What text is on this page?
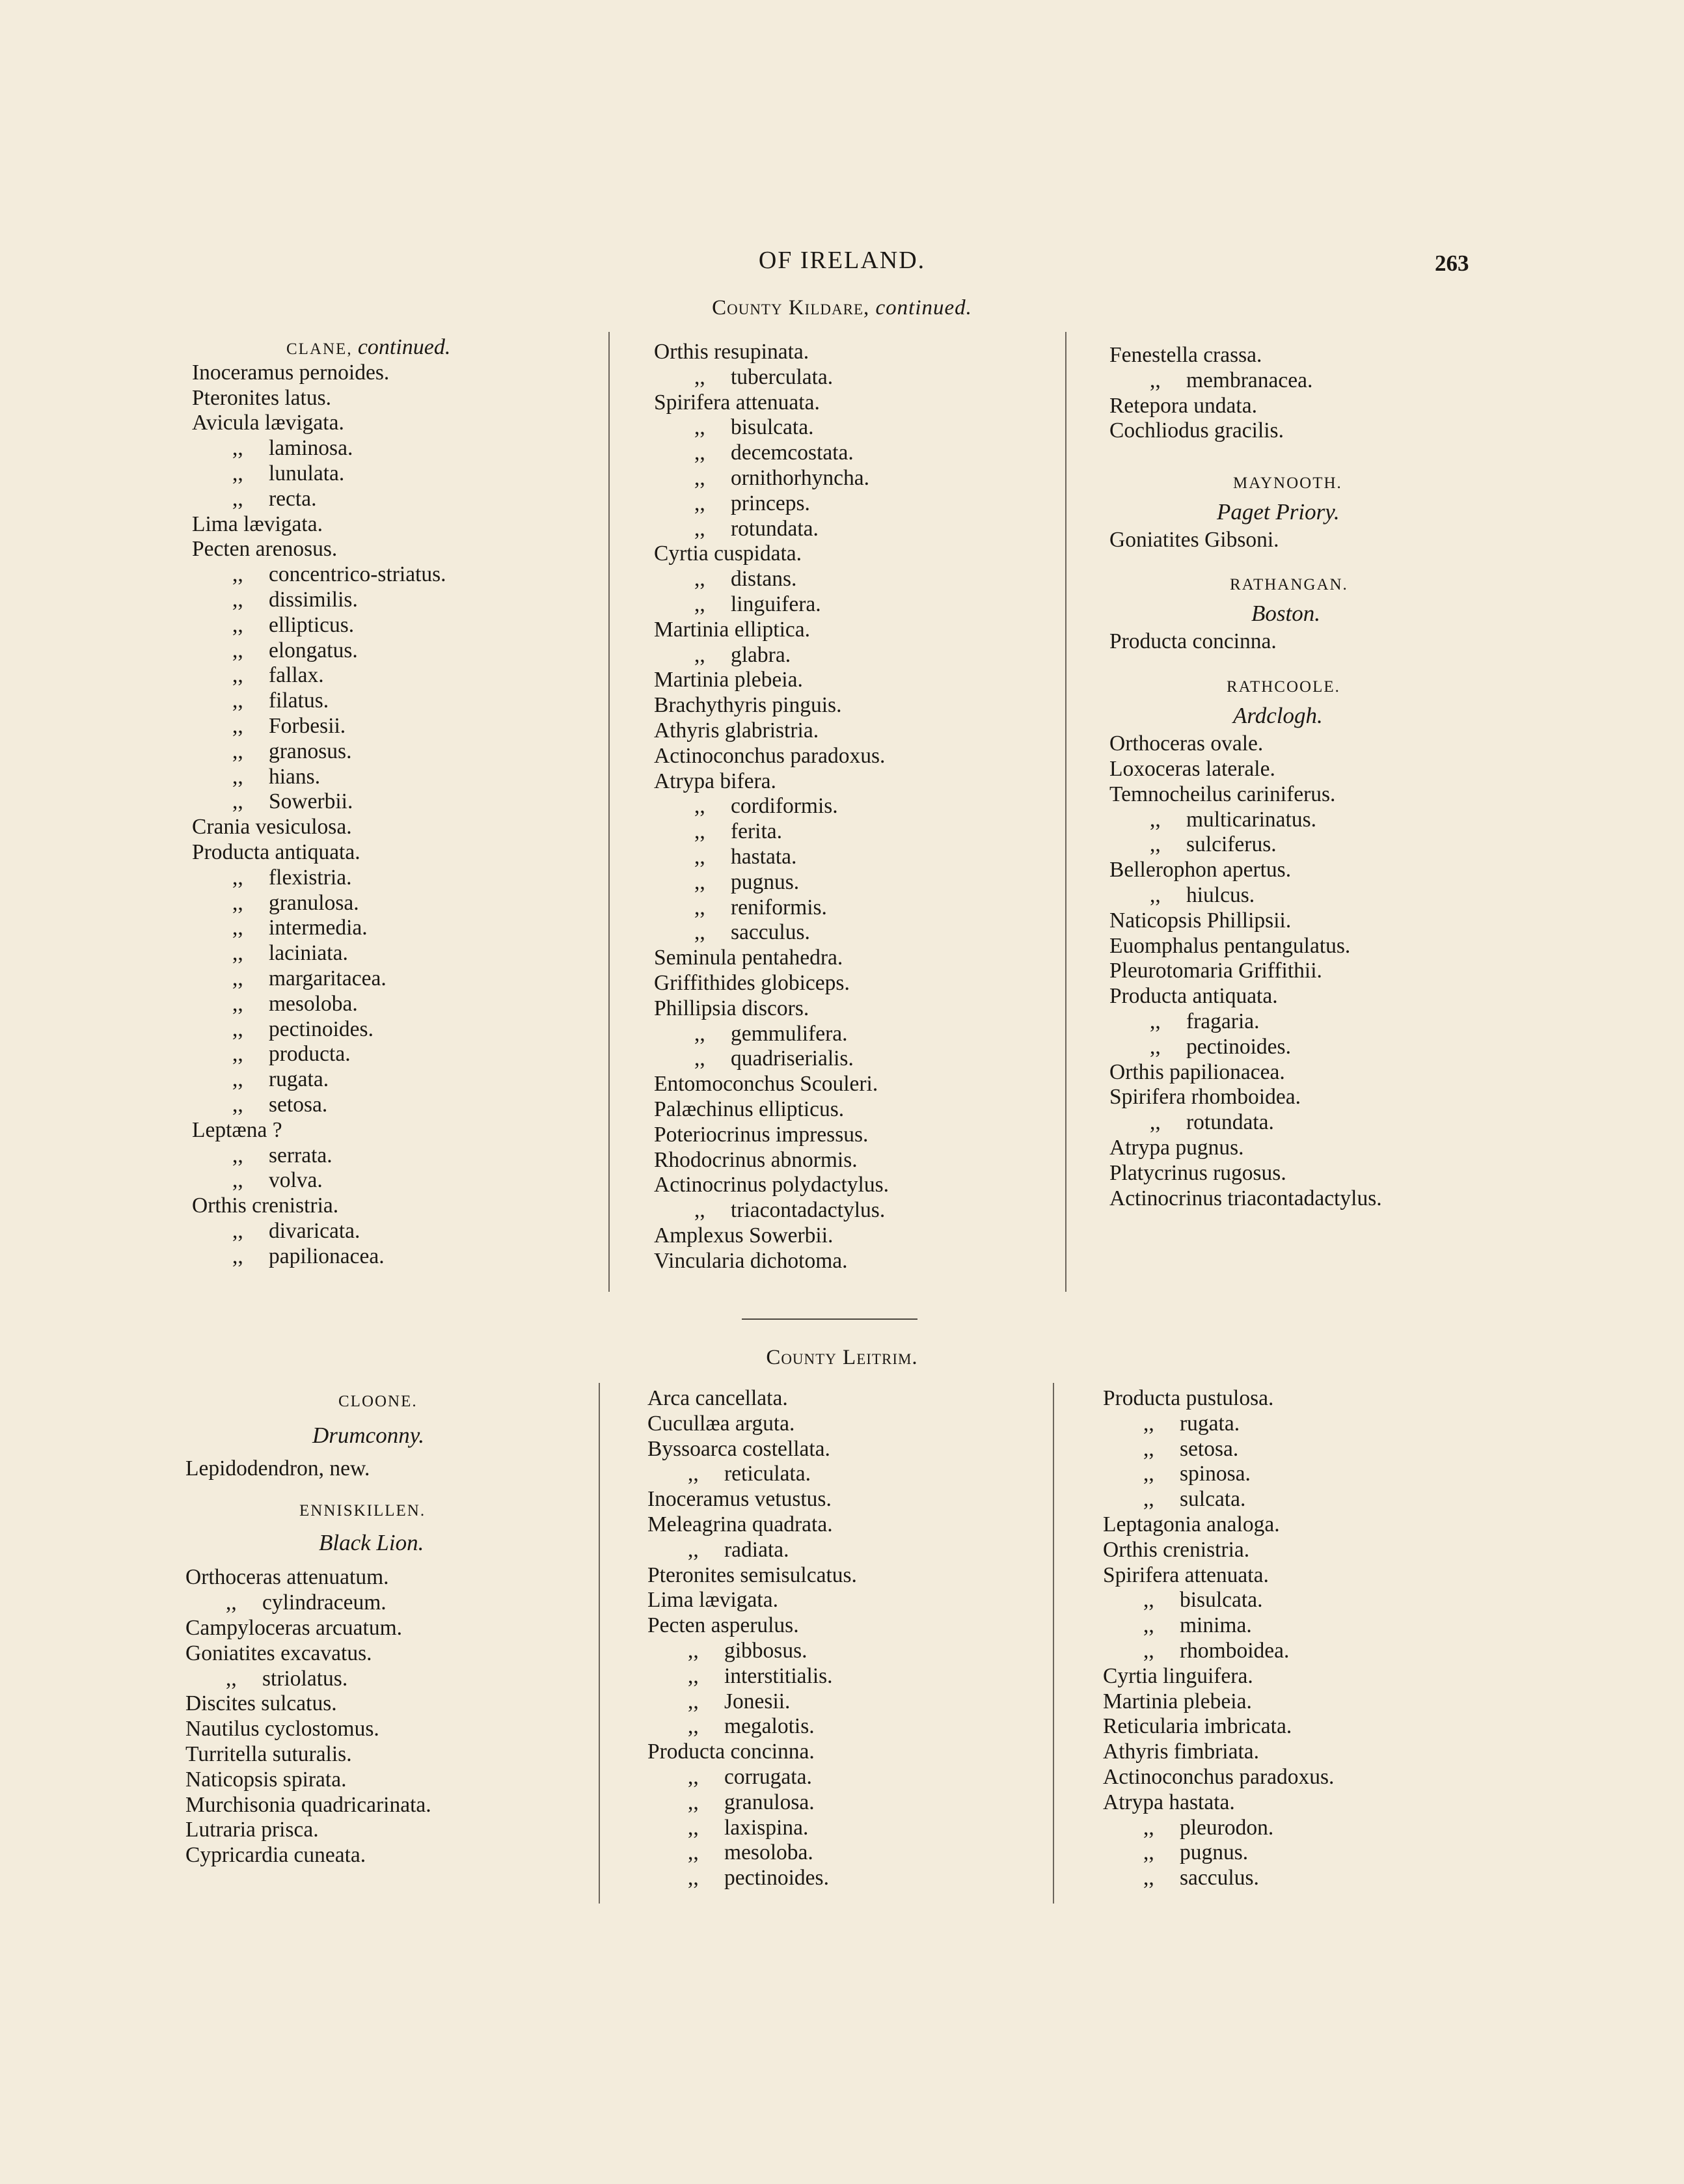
OF IRELAND.	263
County Kildare, continued.
CLANE, continued.
Inoceramus pernoides.
Pteronites latus.
Avicula lævigata.
,, laminosa.
,, lunulata.
,, recta.
Lima lævigata.
Pecten arenosus.
,, concentrico-striatus.
,, dissimilis.
,, ellipticus.
,, elongatus.
,, fallax.
,, filatus.
,, Forbesii.
,, granosus.
,, hians.
,, Sowerbii.
Crania vesiculosa.
Producta antiquata.
,, flexistria.
,, granulosa.
,, intermedia.
,, laciniata.
,, margaritacea.
,, mesoloba.
,, pectinoides.
,, producta.
,, rugata.
,, setosa.
Leptæna ?
,, serrata.
,, volva.
Orthis crenistria.
,, divaricata.
,, papilionacea.
Orthis resupinata.
,, tuberculata.
Spirifera attenuata.
,, bisulcata.
,, decemcostata.
,, ornithorhyncha.
,, princeps.
,, rotundata.
Cyrtia cuspidata.
,, distans.
,, linguifera.
Martinia elliptica.
,, glabra.
Martinia plebeia.
Brachythyris pinguis.
Athyris glabristria.
Actinoconchus paradoxus.
Atrypa bifera.
,, cordiformis.
,, ferita.
,, hastata.
,, pugnus.
,, reniformis.
,, sacculus.
Seminula pentahedra.
Griffithides globiceps.
Phillipsia discors.
,, gemmulifera.
,, quadriserialis.
Entomoconchus Scouleri.
Palæchinus ellipticus.
Poteriocrinus impressus.
Rhodocrinus abnormis.
Actinocrinus polydactylus.
,, triacontadactylus.
Amplexus Sowerbii.
Vincularia dichotoma.
Fenestella crassa.
,, membranacea.
Retepora undata.
Cochliodus gracilis.
MAYNOOTH.
Paget Priory.
Goniatites Gibsoni.
RATHANGAN.
Boston.
Producta concinna.
RATHCOOLE.
Ardclogh.
Orthoceras ovale.
Loxoceras laterale.
Temnocheilus cariniferus.
,, multicarinatus.
,, sulciferus.
Bellerophon apertus.
,, hiulcus.
Naticopsis Phillipsii.
Euomphalus pentangulatus.
Pleurotomaria Griffithii.
Producta antiquata.
,, fragaria.
,, pectinoides.
Orthis papilionacea.
Spirifera rhomboidea.
,, rotundata.
Atrypa pugnus.
Platycrinus rugosus.
Actinocrinus triacontadactylus.
County Leitrim.
CLOONE.
Drumconny.
Lepidodendron, new.
ENNISKILLEN.
Black Lion.
Orthoceras attenuatum.
,, cylindraceum.
Campyloceras arcuatum.
Goniatites excavatus.
,, striolatus.
Discites sulcatus.
Nautilus cyclostomus.
Turritella suturalis.
Naticopsis spirata.
Murchisonia quadricarinata.
Lutraria prisca.
Cypricardia cuneata.
Arca cancellata.
Cucullæa arguta.
Byssoarca costellata.
,, reticulata.
Inoceramus vetustus.
Meleagrina quadrata.
,, radiata.
Pteronites semisulcatus.
Lima lævigata.
Pecten asperulus.
,, gibbosus.
,, interstitialis.
,, Jonesii.
,, megalotis.
Producta concinna.
,, corrugata.
,, granulosa.
,, laxispina.
,, mesoloba.
,, pectinoides.
Producta pustulosa.
,, rugata.
,, setosa.
,, spinosa.
,, sulcata.
Leptagonia analoga.
Orthis crenistria.
Spirifera attenuata.
,, bisulcata.
,, minima.
,, rhomboidea.
Cyrtia linguifera.
Martinia plebeia.
Reticularia imbricata.
Athyris fimbriata.
Actinoconchus paradoxus.
Atrypa hastata.
,, pleurodon.
,, pugnus.
,, sacculus.
